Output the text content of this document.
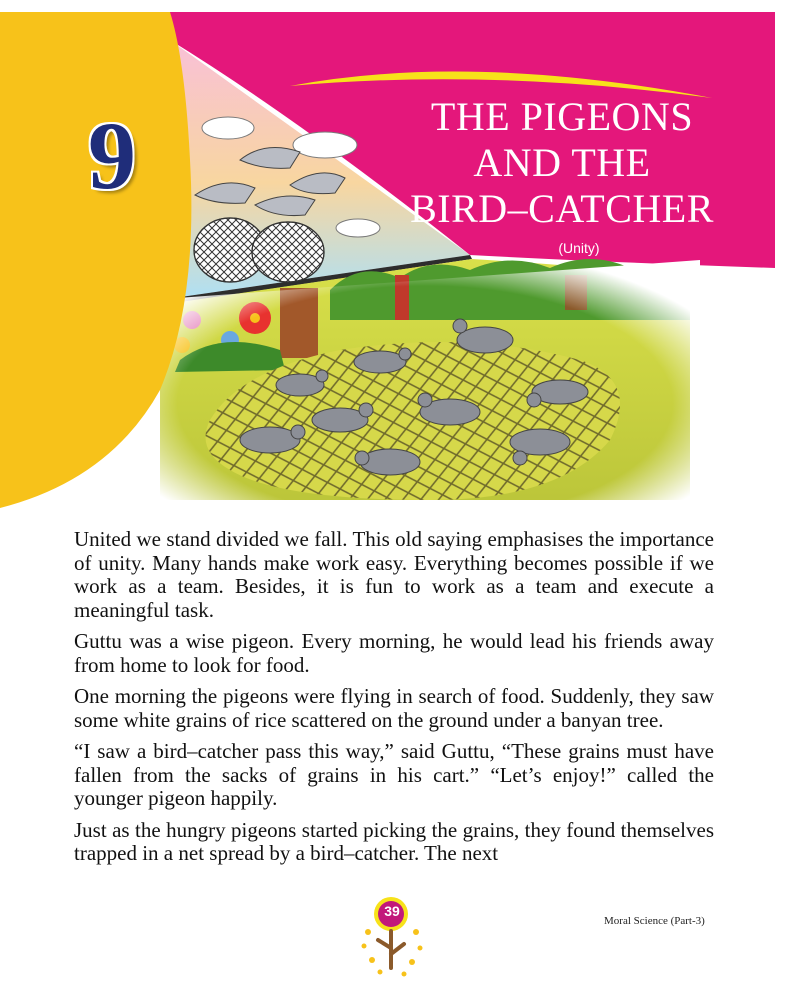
9	THE PIGEONS
AND THE
BIRD–CATCHER
(Unity)

United we stand divided we fall. This old saying emphasises the importance of unity. Many hands make work easy. Everything becomes possible if we work as a team. Besides, it is fun to work as a team and execute a meaningful task.

Guttu was a wise pigeon. Every morning, he would lead his friends away from home to look for food.

One morning the pigeons were flying in search of food. Suddenly, they saw some white grains of rice scattered on the ground under a banyan tree.

“I saw a bird–catcher pass this way,” said Guttu, “These grains must have fallen from the sacks of grains in his cart.” “Let’s enjoy!” called the younger pigeon happily.

Just as the hungry pigeons started picking the grains, they found themselves trapped in a net spread by a bird–catcher. The next

39
Moral Science (Part-3)
